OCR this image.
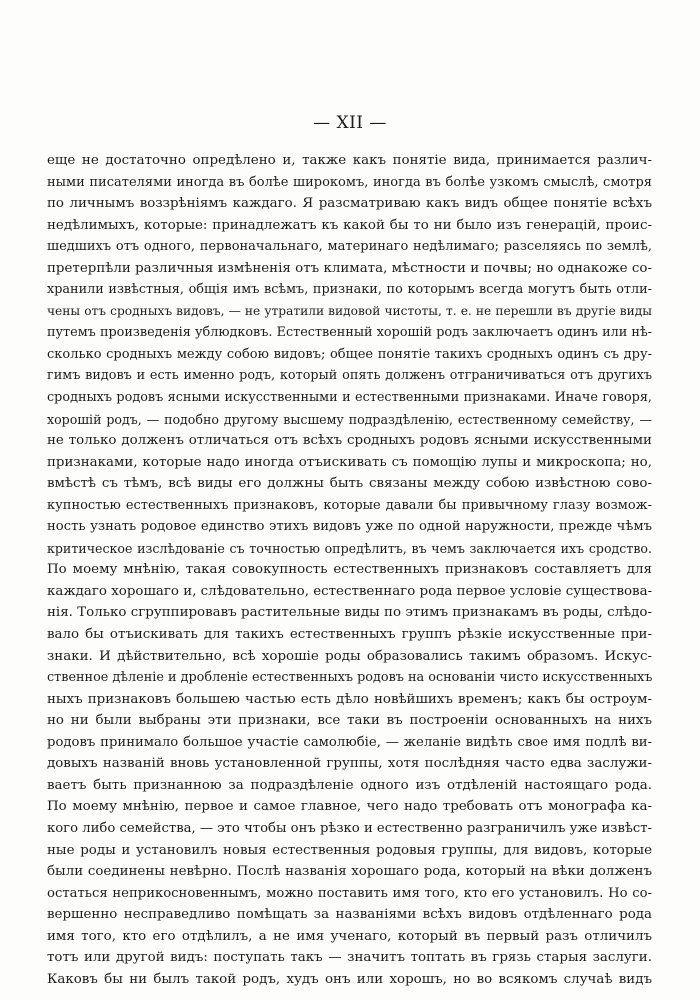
— XII —
еще не достаточно опредѣлено и, также какъ понятіе вида, принимается различ-
ными писателями иногда въ болѣе широкомъ, иногда въ болѣе узкомъ смыслѣ, смотря
по личнымъ воззрѣніямъ каждаго. Я разсматриваю какъ видъ общее понятіе всѣхъ
недѣлимыхъ, которые: принадлежатъ къ какой бы то ни было изъ генерацій, проис-
шедшихъ отъ одного, первоначальнаго, материнаго недѣлимаго; разселяясь по землѣ,
претерпѣли различныя измѣненія отъ климата, мѣстности и почвы; но однакоже со-
хранили извѣстныя, общія имъ всѣмъ, признаки, по которымъ всегда могутъ быть отли-
чены отъ сродныхъ видовъ, — не утратили видовой чистоты, т. е. не перешли въ другіе виды
путемъ произведенія ублюдковъ. Естественный хорошій родъ заключаетъ одинъ или нѣ-
сколько сродныхъ между собою видовъ; общее понятіе такихъ сродныхъ одинъ съ дру-
гимъ видовъ и есть именно родъ, который опять долженъ отграничиваться отъ другихъ
сродныхъ родовъ ясными искусственными и естественными признаками. Иначе говоря,
хорошій родъ, — подобно другому высшему подраздѣленію, естественному семейству, —
не только долженъ отличаться отъ всѣхъ сродныхъ родовъ ясными искусственными
признаками, которые надо иногда отъискивать съ помощію лупы и микроскопа; но,
вмѣстѣ съ тѣмъ, всѣ виды его должны быть связаны между собою извѣстною сово-
купностью естественныхъ признаковъ, которые давали бы привычному глазу возмож-
ность узнать родовое единство этихъ видовъ уже по одной наружности, прежде чѣмъ
критическое изслѣдованіе съ точностью опредѣлитъ, въ чемъ заключается ихъ сродство.
По моему мнѣнію, такая совокупность естественныхъ признаковъ составляетъ для
каждаго хорошаго и, слѣдовательно, естественнаго рода первое условіе существова-
нія. Только сгруппировавъ растительные виды по этимъ признакамъ въ роды, слѣдо-
вало бы отъискивать для такихъ естественныхъ группъ рѣзкіе искусственные при-
знаки. И дѣйствительно, всѣ хорошіе роды образовались такимъ образомъ. Искус-
ственное дѣленіе и дробленіе естественныхъ родовъ на основаніи чисто искусственныхъ
ныхъ признаковъ большею частью есть дѣло новѣйшихъ временъ; какъ бы остроум-
но ни были выбраны эти признаки, все таки въ построеніи основанныхъ на нихъ
родовъ принимало большое участіе самолюбіе, — желаніе видѣть свое имя подлѣ ви-
довыхъ названій вновь установленной группы, хотя послѣдняя часто едва заслужи-
ваетъ быть признанною за подраздѣленіе одного изъ отдѣленій настоящаго рода.
По моему мнѣнію, первое и самое главное, чего надо требовать отъ монографа ка-
кого либо семейства, — это чтобы онъ рѣзко и естественно разграничилъ уже извѣст-
ные роды и установилъ новыя естественныя родовыя группы, для видовъ, которые
были соединены невѣрно. Послѣ названія хорошаго рода, который на вѣки долженъ
остаться неприкосновеннымъ, можно поставить имя того, кто его установилъ. Но со-
вершенно несправедливо помѣщать за названіями всѣхъ видовъ отдѣленнаго рода
имя того, кто его отдѣлилъ, а не имя ученаго, который въ первый разъ отличилъ
тотъ или другой видъ: поступать такъ — значитъ топтать въ грязь старыя заслуги.
Каковъ бы ни былъ такой родъ, худъ онъ или хорошъ, но во всякомъ случаѣ видъ
